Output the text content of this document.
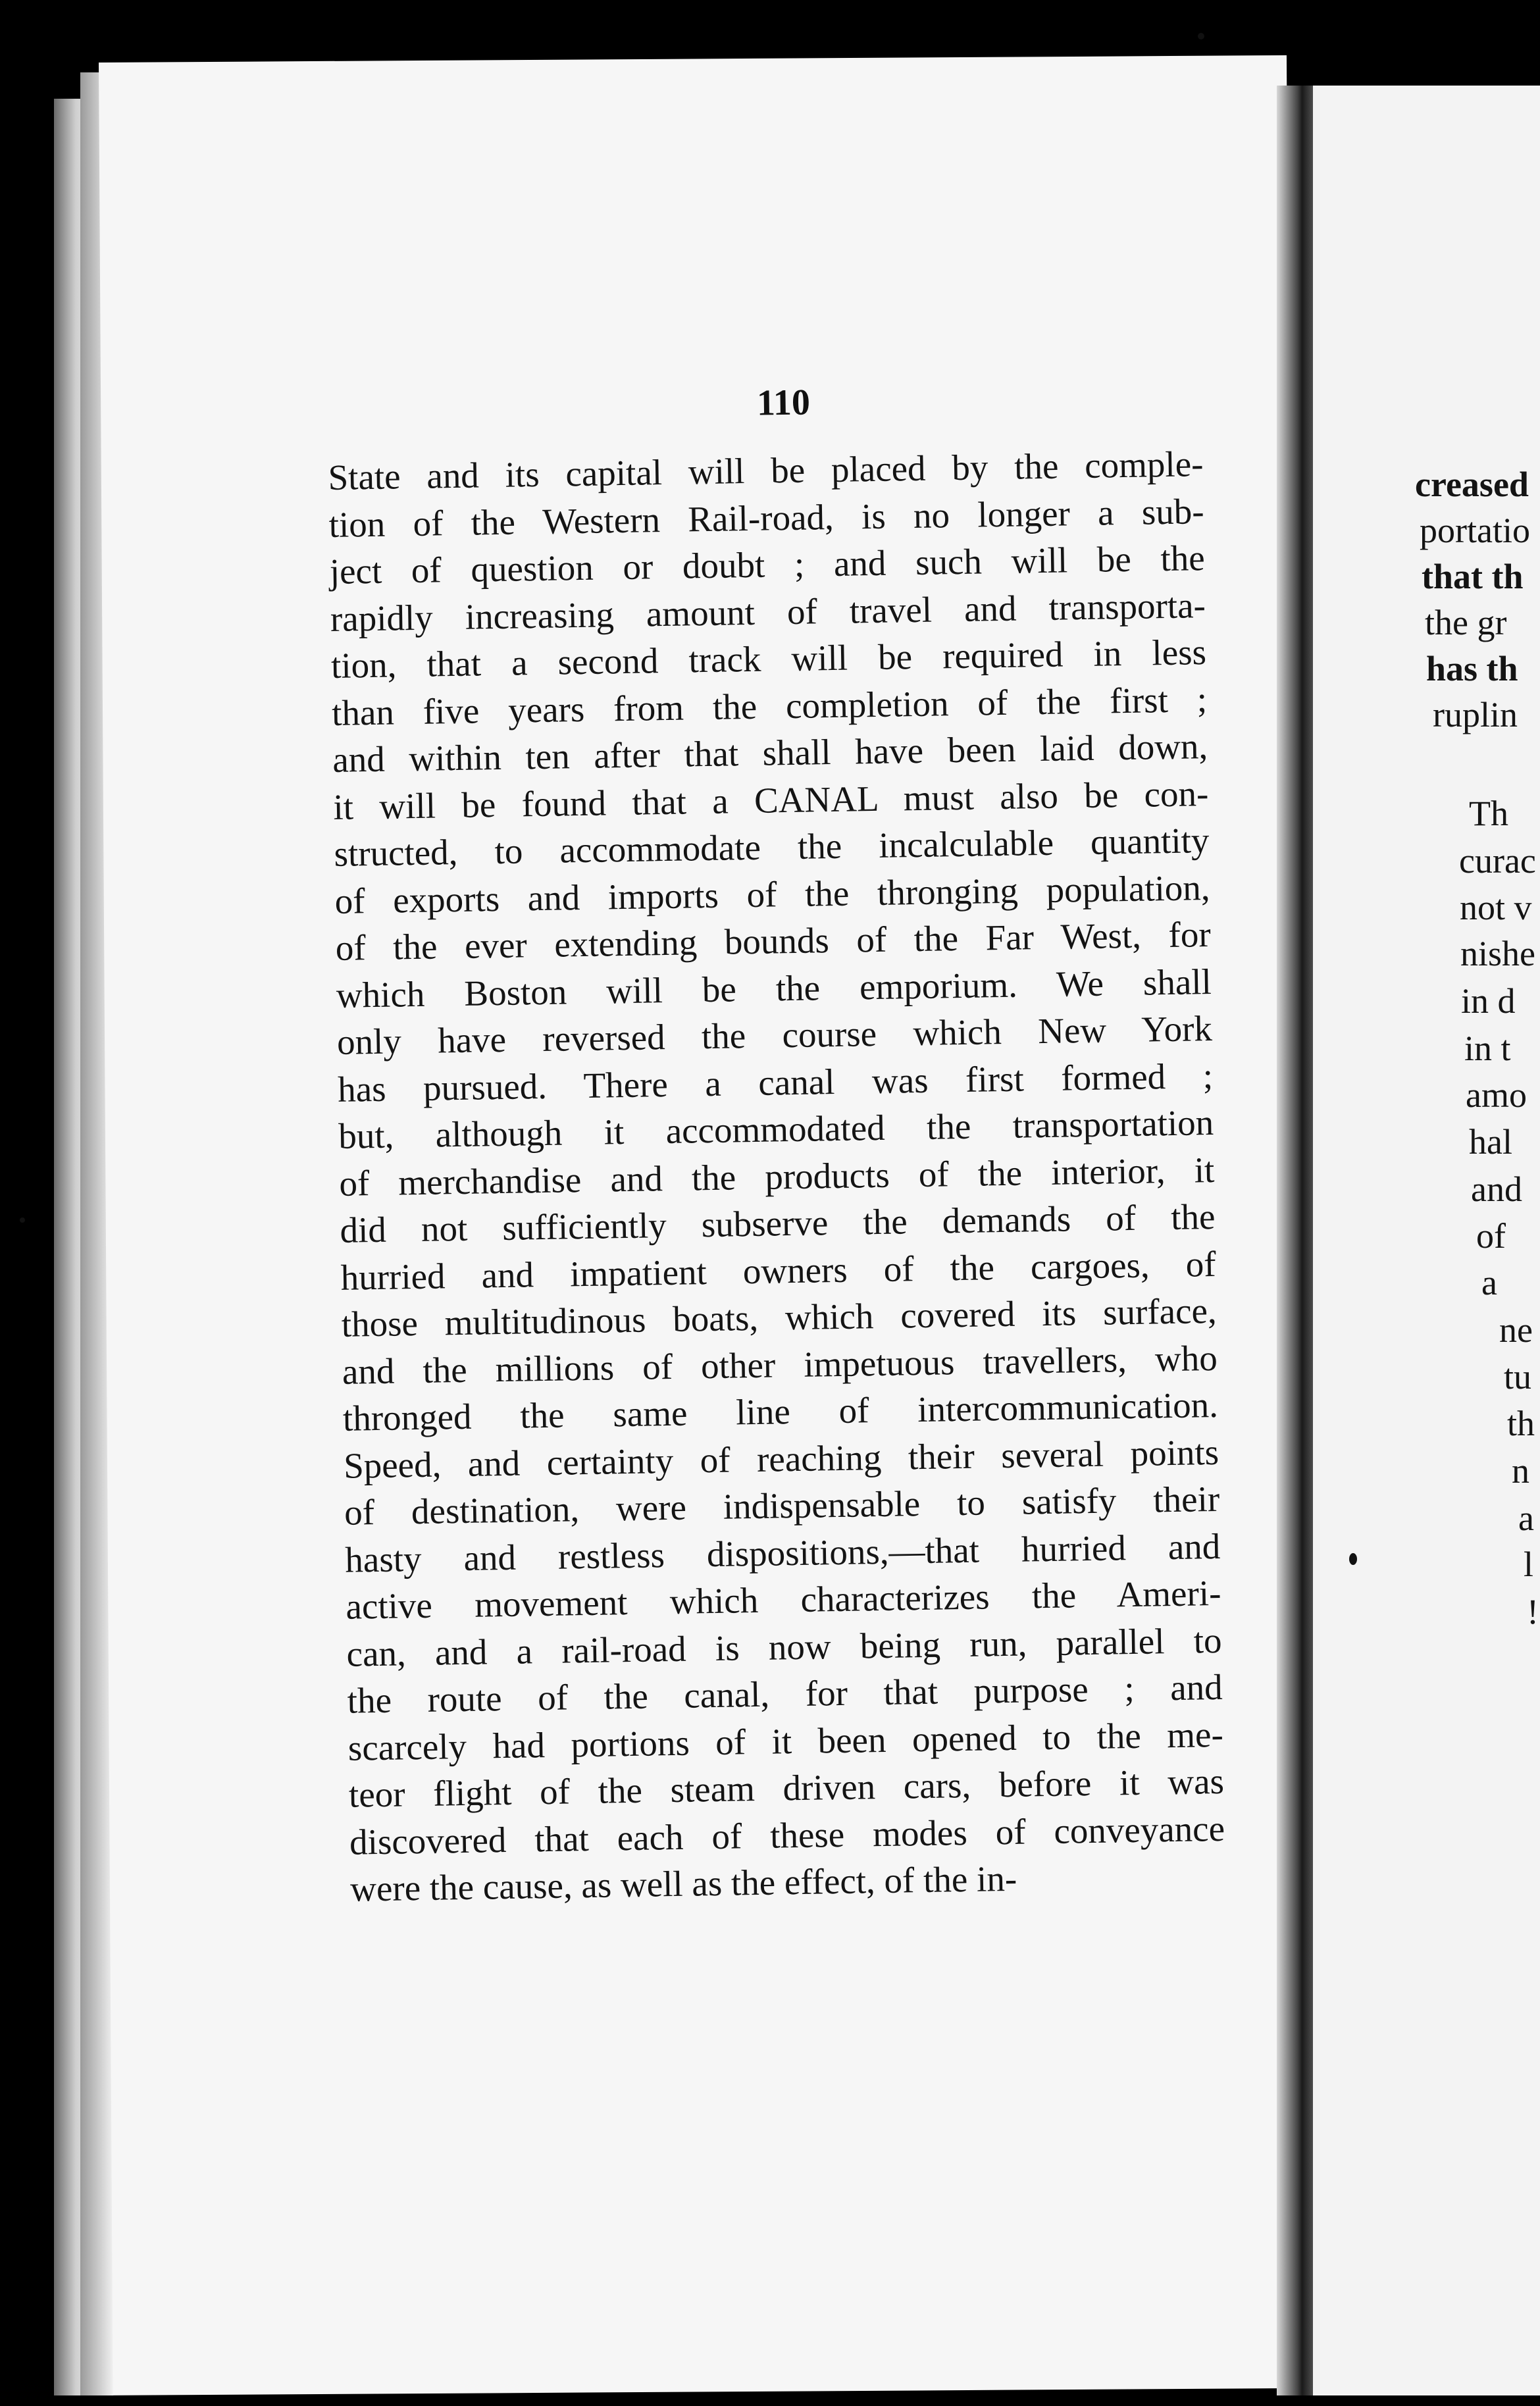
110
State and its capital will be placed by the comple-
tion of the Western Rail-road, is no longer a sub-
ject of question or doubt ; and such will be the
rapidly increasing amount of travel and transporta-
tion, that a second track will be required in less
than five years from the completion of the first ;
and within ten after that shall have been laid down,
it will be found that a CANAL must also be con-
structed, to accommodate the incalculable quantity
of exports and imports of the thronging population,
of the ever extending bounds of the Far West, for
which Boston will be the emporium. We shall
only have reversed the course which New York
has pursued. There a canal was first formed ;
but, although it accommodated the transportation
of merchandise and the products of the interior, it
did not sufficiently subserve the demands of the
hurried and impatient owners of the cargoes, of
those multitudinous boats, which covered its surface,
and the millions of other impetuous travellers, who
thronged the same line of intercommunication.
Speed, and certainty of reaching their several points
of destination, were indispensable to satisfy their
hasty and restless dispositions,—that hurried and
active movement which characterizes the Ameri-
can, and a rail-road is now being run, parallel to
the route of the canal, for that purpose ; and
scarcely had portions of it been opened to the me-
teor flight of the steam driven cars, before it was
discovered that each of these modes of conveyance
were the cause, as well as the effect, of the in-
creased
portatio
that th
the gr
has th
ruplin
Th
curac
not v
nishe
in d
in t
amo
hal
and
of
a
ne
tu
th
n
a
l
!
